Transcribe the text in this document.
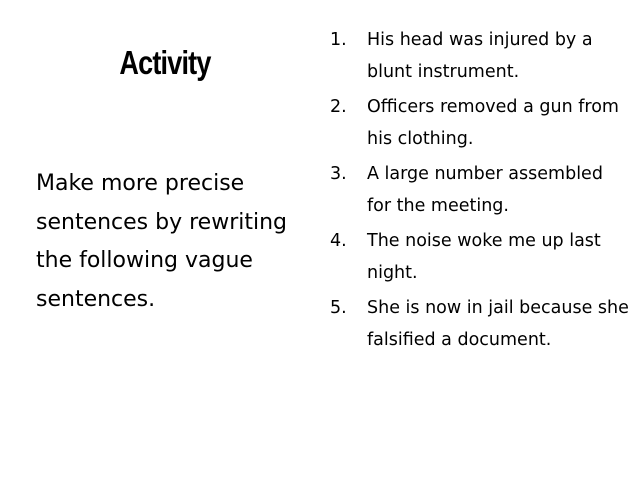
Activity
Make more precise sentences by rewriting the following vague sentences.
1.	His head was injured by a blunt instrument.
2.	Officers removed a gun from his clothing.
3.	A large number assembled for the meeting.
4.	The noise woke me up last night.
5.	She is now in jail because she falsified a document.
